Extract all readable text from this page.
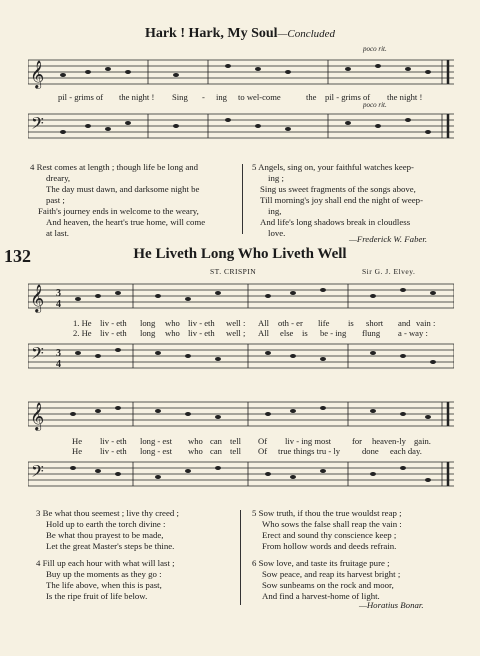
Hark ! Hark, My Soul—Concluded
poco rit.
poco rit.
𝄞
pil - grims of the night ! Sing - ing to wel-come	the pil - grims of the night !
𝄢
4 Rest comes at length ; though life be long and
dreary,
The day must dawn, and darksome night be
past ;
Faith's journey ends in welcome to the weary,
And heaven, the heart's true home, will come
at last.
5 Angels, sing on, your faithful watches keep-
ing ;
Sing us sweet fragments of the songs above,
Till morning's joy shall end the night of weep-
ing,
And life's long shadows break in cloudless
love.
—Frederick W. Faber.
132	He Liveth Long Who Liveth Well
ST. CRISPIN	Sir G. J. Elvey.
𝄞 3
4
1. He liv - eth long who liv - eth well : All oth - er life is short and vain :
2. He liv - eth long who liv - eth well ; All else is be - ing flung a - way :
𝄢 3
4
𝄞
He liv - eth long - est who can tell Of liv - ing most for heaven-ly gain.
He liv - eth long - est who can tell Of true things tru - ly	done each day.
𝄢
3 Be what thou seemest ; live thy creed ;
Hold up to earth the torch divine :
Be what thou prayest to be made,
Let the great Master's steps be thine.
4 Fill up each hour with what will last ;
Buy up the moments as they go :
The life above, when this is past,
Is the ripe fruit of life below.
5 Sow truth, if thou the true wouldst reap ;
Who sows the false shall reap the vain :
Erect and sound thy conscience keep ;
From hollow words and deeds refrain.
6 Sow love, and taste its fruitage pure ;
Sow peace, and reap its harvest bright ;
Sow sunbeams on the rock and moor,
And find a harvest-home of light.
—Horatius Bonar.
